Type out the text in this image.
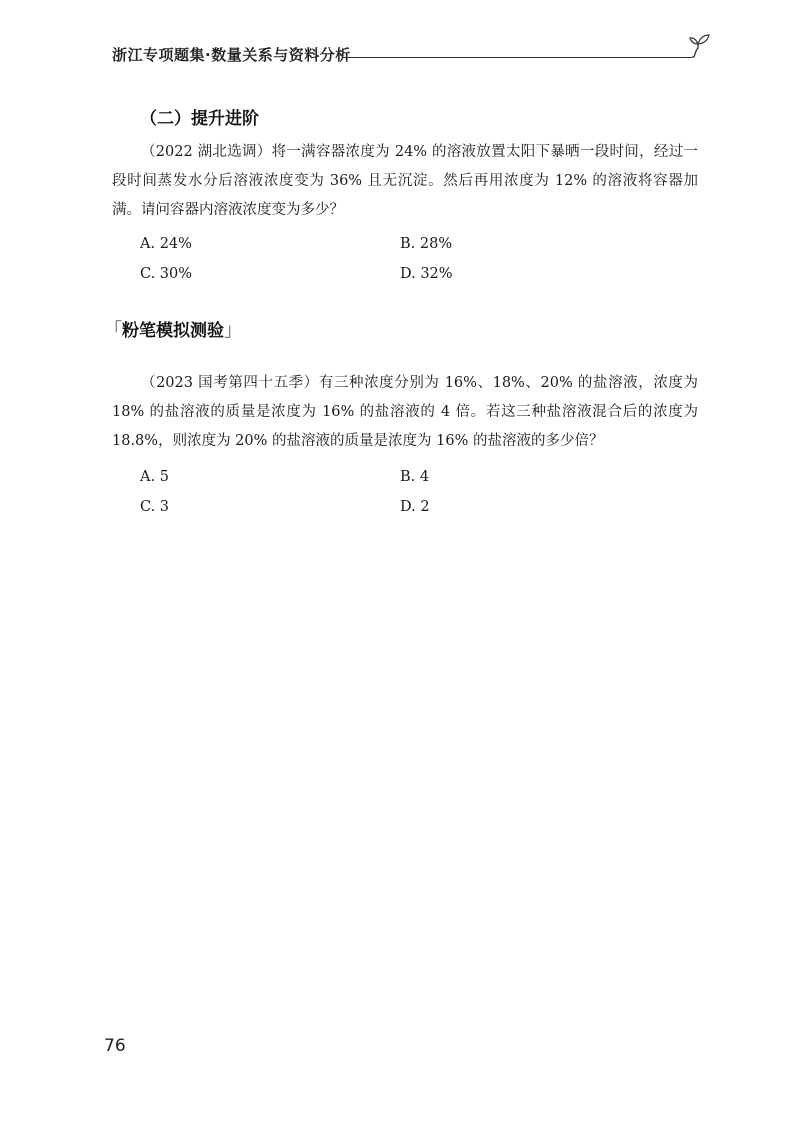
浙江专项题集·数量关系与资料分析
（二）提升进阶
（2022 湖北选调）将一满容器浓度为 24% 的溶液放置太阳下暴晒一段时间，经过一段时间蒸发水分后溶液浓度变为 36% 且无沉淀。然后再用浓度为 12% 的溶液将容器加满。请问容器内溶液浓度变为多少？
A. 24%	B. 28%
C. 30%	D. 32%
「粉笔模拟测验」
（2023 国考第四十五季）有三种浓度分别为 16%、18%、20% 的盐溶液，浓度为 18% 的盐溶液的质量是浓度为 16% 的盐溶液的 4 倍。若这三种盐溶液混合后的浓度为 18.8%，则浓度为 20% 的盐溶液的质量是浓度为 16% 的盐溶液的多少倍？
A. 5	B. 4
C. 3	D. 2
76
